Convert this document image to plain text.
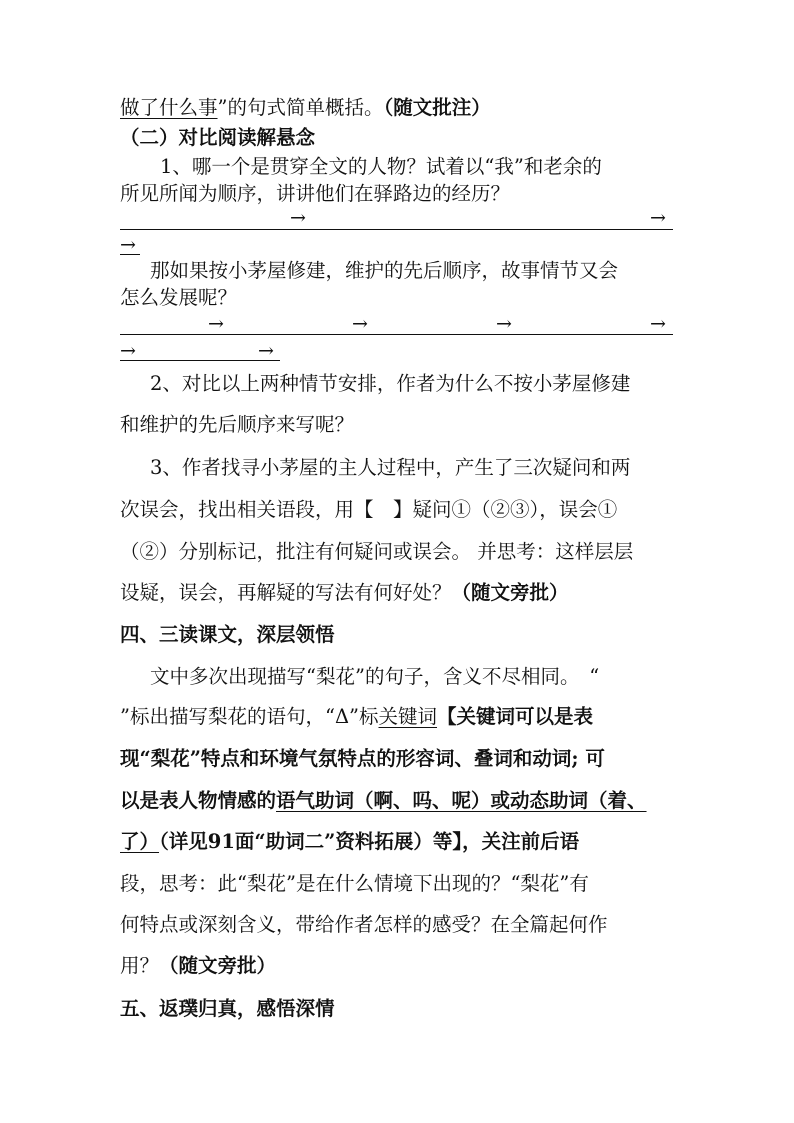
做了什么事”的句式简单概括。（随文批注）
（二）对比阅读解悬念
1、哪一个是贯穿全文的人物？试着以“我”和老余的
所见所闻为顺序，讲讲他们在驿路边的经历？
→	→
→
那如果按小茅屋修建，维护的先后顺序，故事情节又会
怎么发展呢？
→	→	→	→
→	→
2、对比以上两种情节安排，作者为什么不按小茅屋修建
和维护的先后顺序来写呢？
3、作者找寻小茅屋的主人过程中，产生了三次疑问和两
次误会，找出相关语段，用【　】疑问①（②③），误会①
（②）分别标记，批注有何疑问或误会。 并思考：这样层层
设疑，误会，再解疑的写法有何好处？（随文旁批）
四、三读课文，深层领悟
文中多次出现描写“梨花”的句子，含义不尽相同。　“
”标出描写梨花的语句，“Δ”标关键词【关键词可以是表
现“梨花”特点和环境气氛特点的形容词、叠词和动词; 可
以是表人物情感的语气助词（啊、吗、呢）或动态助词（着、
了）（详见91面“助词二”资料拓展）等】，关注前后语
段，思考：此“梨花”是在什么情境下出现的？“梨花”有
何特点或深刻含义，带给作者怎样的感受？在全篇起何作
用？（随文旁批）
五、返璞归真，感悟深情
